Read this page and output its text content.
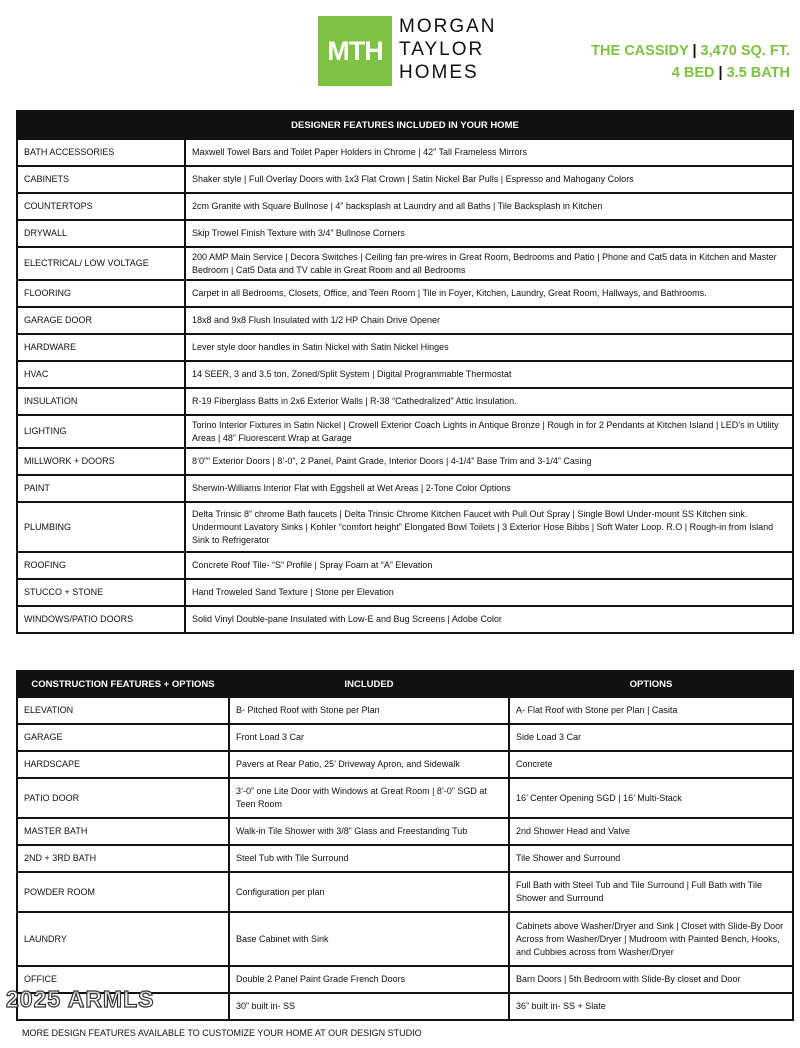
MTH
MORGAN
TAYLOR
HOMES
THE CASSIDY | 3,470 SQ. FT.
4 BED | 3.5 BATH
DESIGNER FEATURES INCLUDED IN YOUR HOME	
BATH ACCESSORIES	Maxwell Towel Bars and Toilet Paper Holders in Chrome | 42” Tall Frameless Mirrors
CABINETS	Shaker style | Full Overlay Doors with 1x3 Flat Crown | Satin Nickel Bar Pulls | Espresso and Mahogany Colors
COUNTERTOPS	2cm Granite with Square Bullnose | 4” backsplash at Laundry and all Baths | Tile Backsplash in Kitchen
DRYWALL	Skip Trowel Finish Texture with 3/4” Bullnose Corners
ELECTRICAL/ LOW VOLTAGE	200 AMP Main Service | Decora Switches | Ceiling fan pre-wires in Great Room, Bedrooms and Patio | Phone and Cat5 data in Kitchen and Master Bedroom | Cat5 Data and TV cable in Great Room and all Bedrooms
FLOORING	Carpet in all Bedrooms, Closets, Office, and Teen Room | Tile in Foyer, Kitchen, Laundry, Great Room, Hallways, and Bathrooms.
GARAGE DOOR	18x8 and 9x8 Flush Insulated with 1/2 HP Chain Drive Opener
HARDWARE	Lever style door handles in Satin Nickel with Satin Nickel Hinges
HVAC	14 SEER, 3 and 3.5 ton, Zoned/Split System | Digital Programmable Thermostat
INSULATION	R-19 Fiberglass Batts in 2x6 Exterior Walls | R-38 “Cathedralized” Attic Insulation.
LIGHTING	Torino Interior Fixtures in Satin Nickel | Crowell Exterior Coach Lights in Antique Bronze | Rough in for 2 Pendants at Kitchen Island | LED’s in Utility Areas | 48” Fluorescent Wrap at Garage
MILLWORK + DOORS	8’0”” Exterior Doors | 8’-0”, 2 Panel, Paint Grade, Interior Doors | 4-1/4” Base Trim and 3-1/4” Casing
PAINT	Sherwin-Williams Interior Flat with Eggshell at Wet Areas | 2-Tone Color Options
PLUMBING	Delta Trinsic 8” chrome Bath faucets | Delta Trinsic Chrome Kitchen Faucet with Pull Out Spray | Single Bowl Under-mount SS Kitchen sink. Undermount Lavatory Sinks | Kohler “comfort height” Elongated Bowl Toilets | 3 Exterior Hose Bibbs | Soft Water Loop. R.O | Rough-in from Island Sink to Refrigerator
ROOFING	Concrete Roof Tile- “S” Profile | Spray Foam at “A” Elevation
STUCCO + STONE	Hand Troweled Sand Texture | Stone per Elevation
WINDOWS/PATIO DOORS	Solid Vinyl Double-pane Insulated with Low-E and Bug Screens | Adobe Color
CONSTRUCTION FEATURES + OPTIONS	INCLUDED	OPTIONS
ELEVATION	B- Pitched Roof with Stone per Plan	A- Flat Roof with Stone per Plan | Casita
GARAGE	Front Load 3 Car	Side Load 3 Car
HARDSCAPE	Pavers at Rear Patio, 25’ Driveway Apron, and Sidewalk	Concrete
PATIO DOOR	3’-0” one Lite Door with Windows at Great Room | 8’-0” SGD at Teen Room	16’ Center Opening SGD | 16’ Multi-Stack
MASTER BATH	Walk-in Tile Shower with 3/8” Glass and Freestanding Tub	2nd Shower Head and Valve
2ND + 3RD BATH	Steel Tub with Tile Surround	Tile Shower and Surround
POWDER ROOM	Configuration per plan	Full Bath with Steel Tub and Tile Surround | Full Bath with Tile Shower and Surround
LAUNDRY	Base Cabinet with Sink	Cabinets above Washer/Dryer and Sink | Closet with Slide-By Door Across from Washer/Dryer | Mudroom with Painted Bench, Hooks, and Cubbies across from Washer/Dryer
OFFICE	Double 2 Panel Paint Grade French Doors	Barn Doors | 5th Bedroom with Slide-By closet and Door
	30” built in- SS	36” built in- SS + Slate
2025 ARMLS
MORE DESIGN FEATURES AVAILABLE TO CUSTOMIZE YOUR HOME AT OUR DESIGN STUDIO
